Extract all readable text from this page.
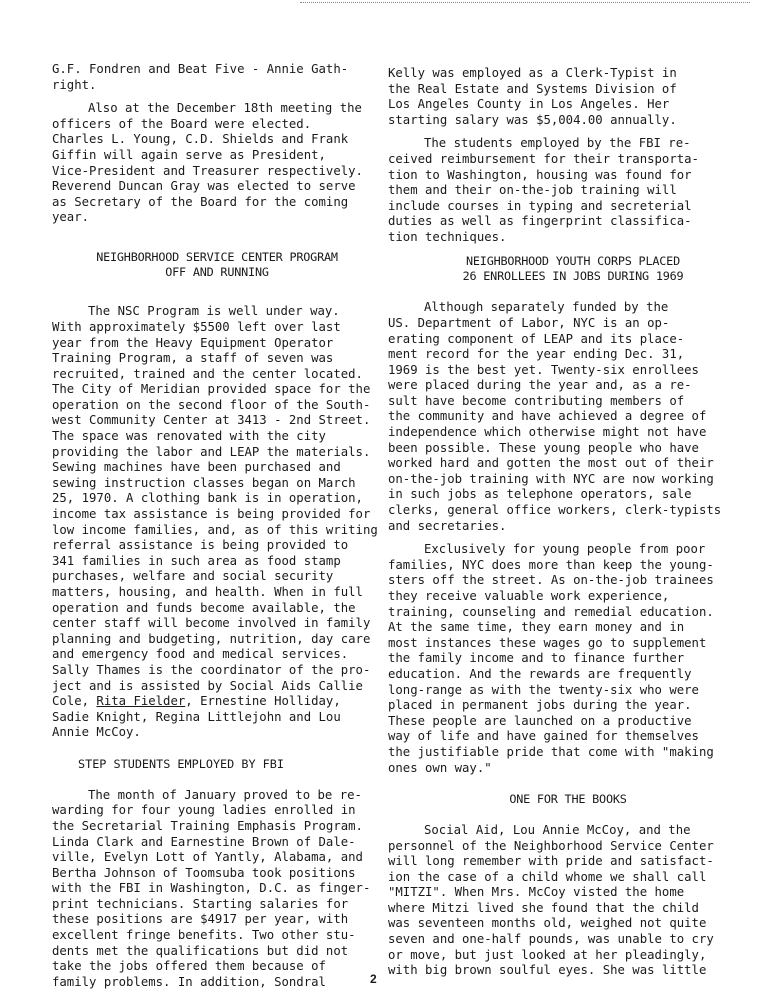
G.F. Fondren and Beat Five - Annie Gath-
right.
Also at the December 18th meeting the
officers of the Board were elected.
Charles L. Young, C.D. Shields and Frank
Giffin will again serve as President,
Vice-President and Treasurer respectively.
Reverend Duncan Gray was elected to serve
as Secretary of the Board for the coming
year.
NEIGHBORHOOD SERVICE CENTER PROGRAM
OFF AND RUNNING
The NSC Program is well under way.
With approximately $5500 left over last
year from the Heavy Equipment Operator
Training Program, a staff of seven was
recruited, trained and the center located.
The City of Meridian provided space for the
operation on the second floor of the South-
west Community Center at 3413 - 2nd Street.
The space was renovated with the city
providing the labor and LEAP the materials.
Sewing machines have been purchased and
sewing instruction classes began on March
25, 1970. A clothing bank is in operation,
income tax assistance is being provided for
low income families, and, as of this writing
referral assistance is being provided to
341 families in such area as food stamp
purchases, welfare and social security
matters, housing, and health. When in full
operation and funds become available, the
center staff will become involved in family
planning and budgeting, nutrition, day care
and emergency food and medical services.
Sally Thames is the coordinator of the pro-
ject and is assisted by Social Aids Callie
Cole, Rita Fielder, Ernestine Holliday,
Sadie Knight, Regina Littlejohn and Lou
Annie McCoy.
STEP STUDENTS EMPLOYED BY FBI
The month of January proved to be re-
warding for four young ladies enrolled in
the Secretarial Training Emphasis Program.
Linda Clark and Earnestine Brown of Dale-
ville, Evelyn Lott of Yantly, Alabama, and
Bertha Johnson of Toomsuba took positions
with the FBI in Washington, D.C. as finger-
print technicians. Starting salaries for
these positions are $4917 per year, with
excellent fringe benefits. Two other stu-
dents met the qualifications but did not
take the jobs offered them because of
family problems. In addition, Sondral
Kelly was employed as a Clerk-Typist in
the Real Estate and Systems Division of
Los Angeles County in Los Angeles. Her
starting salary was $5,004.00 annually.
The students employed by the FBI re-
ceived reimbursement for their transporta-
tion to Washington, housing was found for
them and their on-the-job training will
include courses in typing and secreterial
duties as well as fingerprint classifica-
tion techniques.
NEIGHBORHOOD YOUTH CORPS PLACED
26 ENROLLEES IN JOBS DURING 1969
Although separately funded by the
US. Department of Labor, NYC is an op-
erating component of LEAP and its place-
ment record for the year ending Dec. 31,
1969 is the best yet. Twenty-six enrollees
were placed during the year and, as a re-
sult have become contributing members of
the community and have achieved a degree of
independence which otherwise might not have
been possible. These young people who have
worked hard and gotten the most out of their
on-the-job training with NYC are now working
in such jobs as telephone operators, sale
clerks, general office workers, clerk-typists
and secretaries.
Exclusively for young people from poor
families, NYC does more than keep the young-
sters off the street. As on-the-job trainees
they receive valuable work experience,
training, counseling and remedial education.
At the same time, they earn money and in
most instances these wages go to supplement
the family income and to finance further
education. And the rewards are frequently
long-range as with the twenty-six who were
placed in permanent jobs during the year.
These people are launched on a productive
way of life and have gained for themselves
the justifiable pride that come with "making
ones own way."
ONE FOR THE BOOKS
Social Aid, Lou Annie McCoy, and the
personnel of the Neighborhood Service Center
will long remember with pride and satisfact-
ion the case of a child whome we shall call
"MITZI". When Mrs. McCoy visted the home
where Mitzi lived she found that the child
was seventeen months old, weighed not quite
seven and one-half pounds, was unable to cry
or move, but just looked at her pleadingly,
with big brown soulful eyes. She was little
2
